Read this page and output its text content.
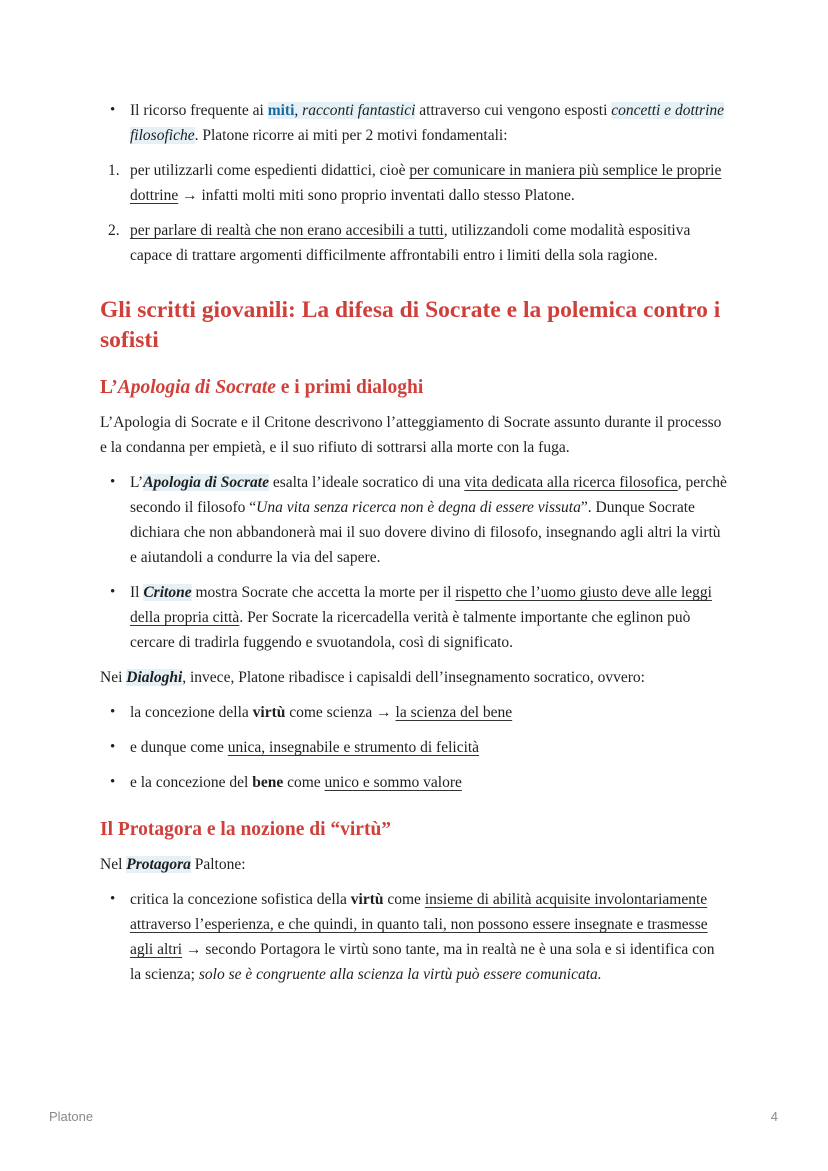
• Il ricorso frequente ai miti, racconti fantastici attraverso cui vengono esposti concetti e dottrine filosofiche. Platone ricorre ai miti per 2 motivi fondamentali:
1. per utilizzarli come espedienti didattici, cioè per comunicare in maniera più semplice le proprie dottrine → infatti molti miti sono proprio inventati dallo stesso Platone.
2. per parlare di realtà che non erano accesibili a tutti, utilizzandoli come modalità espositiva capace di trattare argomenti difficilmente affrontabili entro i limiti della sola ragione.
Gli scritti giovanili: La difesa di Socrate e la polemica contro i sofisti
L’Apologia di Socrate e i primi dialoghi

L’Apologia di Socrate e il Critone descrivono l’atteggiamento di Socrate assunto durante il processo e la condanna per empietà, e il suo rifiuto di sottrarsi alla morte con la fuga.

• L’Apologia di Socrate esalta l’ideale socratico di una vita dedicata alla ricerca filosofica, perchè secondo il filosofo “Una vita senza ricerca non è degna di essere vissuta”. Dunque Socrate dichiara che non abbandonerà mai il suo dovere divino di filosofo, insegnando agli altri la virtù e aiutandoli a condurre la via del sapere.
• Il Critone mostra Socrate che accetta la morte per il rispetto che l’uomo giusto deve alle leggi della propria città. Per Socrate la ricercadella verità è talmente importante che eglinon può cercare di tradirla fuggendo e svuotandola, così di significato.

Nei Dialoghi, invece, Platone ribadisce i capisaldi dell’insegnamento socratico, ovvero:

• la concezione della virtù come scienza → la scienza del bene
• e dunque come unica, insegnabile e strumento di felicità
• e la concezione del bene come unico e sommo valore
Il Protagora e la nozione di “virtù”

Nel Protagora Paltone:

• critica la concezione sofistica della virtù come insieme di abilità acquisite involontariamente attraverso l’esperienza, e che quindi, in quanto tali, non possono essere insegnate e trasmesse agli altri → secondo Portagora le virtù sono tante, ma in realtà ne è una sola e si identifica con la scienza; solo se è congruente alla scienza la virtù può essere comunicata.
Platone	4
